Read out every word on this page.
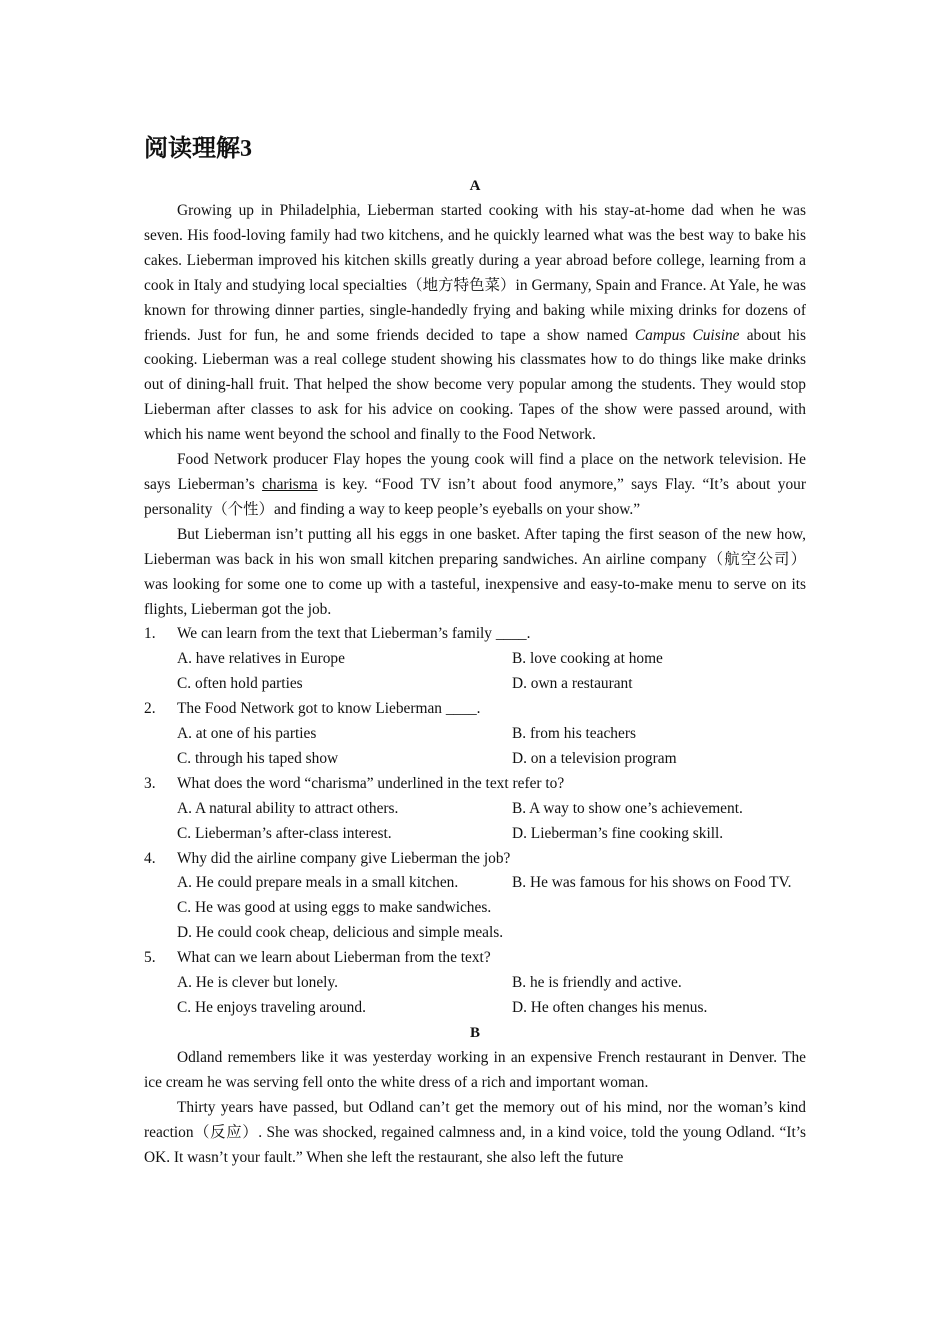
阅读理解3
A

Growing up in Philadelphia, Lieberman started cooking with his stay-at-home dad when he was seven. His food-loving family had two kitchens, and he quickly learned what was the best way to bake his cakes. Lieberman improved his kitchen skills greatly during a year abroad before college, learning from a cook in Italy and studying local specialties（地方特色菜）in Germany, Spain and France. At Yale, he was known for throwing dinner parties, single-handedly frying and baking while mixing drinks for dozens of friends. Just for fun, he and some friends decided to tape a show named Campus Cuisine about his cooking. Lieberman was a real college student showing his classmates how to do things like make drinks out of dining-hall fruit. That helped the show become very popular among the students. They would stop Lieberman after classes to ask for his advice on cooking. Tapes of the show were passed around, with which his name went beyond the school and finally to the Food Network.

Food Network producer Flay hopes the young cook will find a place on the network television. He says Lieberman’s charisma is key. “Food TV isn’t about food anymore,” says Flay. “It’s about your personality（个性）and finding a way to keep people’s eyeballs on your show.”

But Lieberman isn’t putting all his eggs in one basket. After taping the first season of the new how, Lieberman was back in his won small kitchen preparing sandwiches. An airline company（航空公司）was looking for some one to come up with a tasteful, inexpensive and easy-to-make menu to serve on its flights, Lieberman got the job.

1.	We can learn from the text that Lieberman’s family ____.
A. have relatives in Europe	B. love cooking at home
C. often hold parties	D. own a restaurant
2.	The Food Network got to know Lieberman ____.
A. at one of his parties	B. from his teachers
C. through his taped show	D. on a television program
3.	What does the word “charisma” underlined in the text refer to?
A. A natural ability to attract others.	B. A way to show one’s achievement.
C. Lieberman’s after-class interest.	D. Lieberman’s fine cooking skill.
4.	Why did the airline company give Lieberman the job?
A. He could prepare meals in a small kitchen.	B. He was famous for his shows on Food TV.
C. He was good at using eggs to make sandwiches.
D. He could cook cheap, delicious and simple meals.
5.	What can we learn about Lieberman from the text?
A. He is clever but lonely.	B. he is friendly and active.
C. He enjoys traveling around.	D. He often changes his menus.
B

Odland remembers like it was yesterday working in an expensive French restaurant in Denver. The ice cream he was serving fell onto the white dress of a rich and important woman.

Thirty years have passed, but Odland can’t get the memory out of his mind, nor the woman’s kind reaction（反应）. She was shocked, regained calmness and, in a kind voice, told the young Odland. “It’s OK. It wasn’t your fault.” When she left the restaurant, she also left the future
